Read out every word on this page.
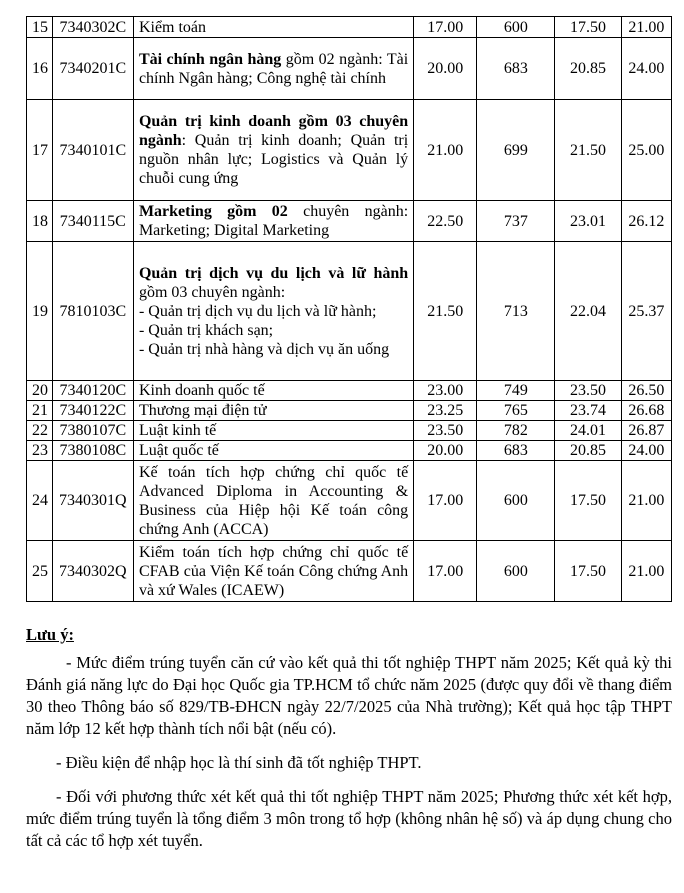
15	7340302C	Kiểm toán	17.00	600	17.50	21.00
16	7340201C	Tài chính ngân hàng gồm 02 ngành: Tài chính Ngân hàng; Công nghệ tài chính	20.00	683	20.85	24.00
17	7340101C	Quản trị kinh doanh gồm 03 chuyên ngành: Quản trị kinh doanh; Quản trị nguồn nhân lực; Logistics và Quản lý chuỗi cung ứng	21.00	699	21.50	25.00
18	7340115C	Marketing gồm 02 chuyên ngành: Marketing; Digital Marketing	22.50	737	23.01	26.12
19	7810103C	Quản trị dịch vụ du lịch và lữ hành gồm 03 chuyên ngành:
- Quản trị dịch vụ du lịch và lữ hành;
- Quản trị khách sạn;
- Quản trị nhà hàng và dịch vụ ăn uống	21.50	713	22.04	25.37
20	7340120C	Kinh doanh quốc tế	23.00	749	23.50	26.50
21	7340122C	Thương mại điện tử	23.25	765	23.74	26.68
22	7380107C	Luật kinh tế	23.50	782	24.01	26.87
23	7380108C	Luật quốc tế	20.00	683	20.85	24.00
24	7340301Q	Kế toán tích hợp chứng chỉ quốc tế Advanced Diploma in Accounting & Business của Hiệp hội Kế toán công chứng Anh (ACCA)	17.00	600	17.50	21.00
25	7340302Q	Kiểm toán tích hợp chứng chỉ quốc tế CFAB của Viện Kế toán Công chứng Anh và xứ Wales (ICAEW)	17.00	600	17.50	21.00
Lưu ý:

- Mức điểm trúng tuyển căn cứ vào kết quả thi tốt nghiệp THPT năm 2025; Kết quả kỳ thi Đánh giá năng lực do Đại học Quốc gia TP.HCM tổ chức năm 2025 (được quy đổi về thang điểm 30 theo Thông báo số 829/TB-ĐHCN ngày 22/7/2025 của Nhà trường); Kết quả học tập THPT năm lớp 12 kết hợp thành tích nổi bật (nếu có).

- Điều kiện để nhập học là thí sinh đã tốt nghiệp THPT.

- Đối với phương thức xét kết quả thi tốt nghiệp THPT năm 2025; Phương thức xét kết hợp, mức điểm trúng tuyển là tổng điểm 3 môn trong tổ hợp (không nhân hệ số) và áp dụng chung cho tất cả các tổ hợp xét tuyển.
